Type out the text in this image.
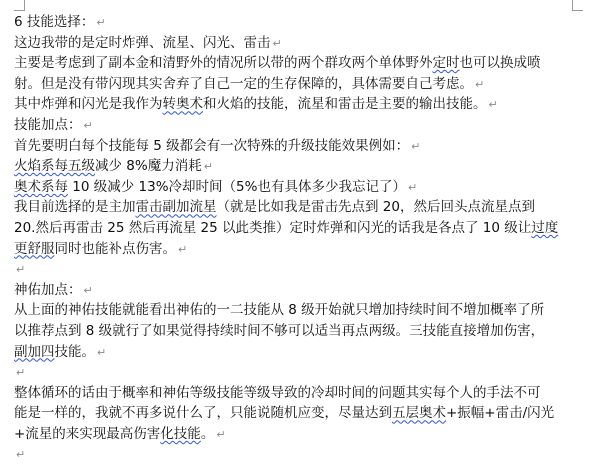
6 技能选择： ↵
这边我带的是定时炸弹、流星、闪光、雷击 ↵
主要是考虑到了副本金和清野外的情况所以带的两个群攻两个单体野外定时也可以换成喷
射。但是没有带闪现其实舍弃了自己一定的生存保障的，具体需要自己考虑。 ↵
其中炸弹和闪光是我作为转奥术和火焰的技能，流星和雷击是主要的输出技能。 ↵
技能加点： ↵
首先要明白每个技能每 5 级都会有一次特殊的升级技能效果例如： ↵
火焰系每五级减少 8%魔力消耗 ↵
奥术系每 10 级减少 13%冷却时间（5%也有具体多少我忘记了） ↵
我目前选择的是主加雷击副加流星（就是比如我是雷击先点到 20，然后回头点流星点到
20.然后再雷击 25 然后再流星 25 以此类推）定时炸弹和闪光的话我是各点了 10 级让过度
更舒服同时也能补点伤害。 ↵
↵
神佑加点： ↵
从上面的神佑技能就能看出神佑的一二技能从 8 级开始就只增加持续时间不增加概率了所
以推荐点到 8 级就行了如果觉得持续时间不够可以适当再点两级。三技能直接增加伤害，
副加四技能。 ↵
↵
整体循环的话由于概率和神佑等级技能等级导致的冷却时间的问题其实每个人的手法不可
能是一样的，我就不再多说什么了，只能说随机应变，尽量达到五层奥术+振幅+雷击/闪光
+流星的来实现最高伤害化技能。 ↵
↵
